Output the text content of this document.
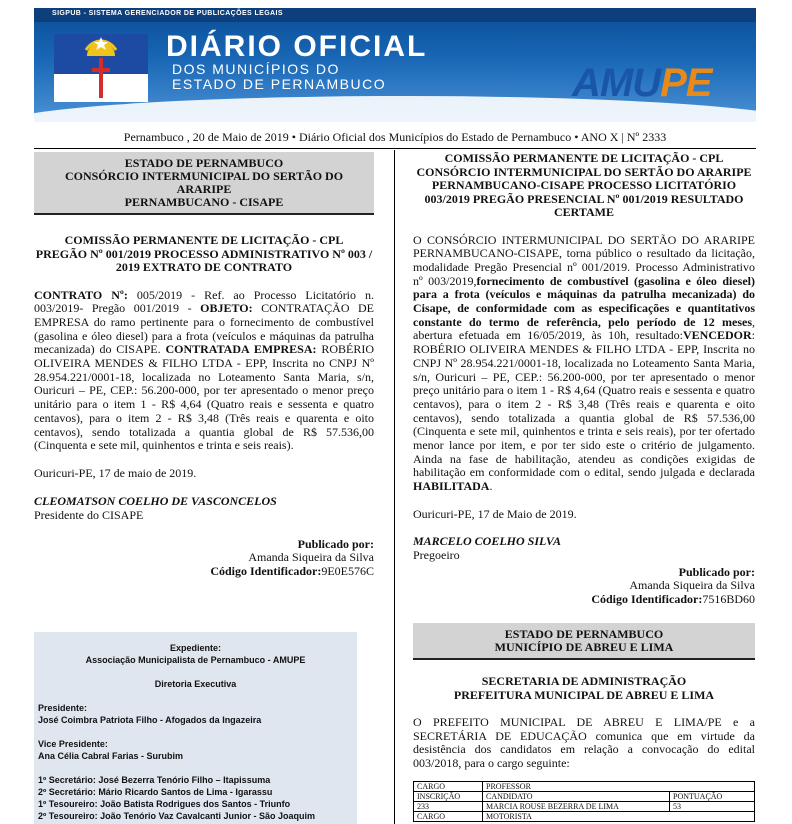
SIGPUB - SISTEMA GERENCIADOR DE PUBLICAÇÕES LEGAIS
DIÁRIO OFICIAL
DOS MUNICÍPIOS DO
ESTADO DE PERNAMBUCO	AMUPE
Pernambuco , 20 de Maio de 2019 • Diário Oficial dos Municípios do Estado de Pernambuco • ANO X | Nº 2333
ESTADO DE PERNAMBUCO
CONSÓRCIO INTERMUNICIPAL DO SERTÃO DO ARARIPE
PERNAMBUCANO - CISAPE
COMISSÃO PERMANENTE DE LICITAÇÃO - CPL
PREGÃO Nº 001/2019 PROCESSO ADMINISTRATIVO Nº 003 /
2019 EXTRATO DE CONTRATO

CONTRATO Nº: 005/2019 - Ref. ao Processo Licitatório n. 003/2019- Pregão 001/2019 - OBJETO: CONTRATAÇÃO DE EMPRESA do ramo pertinente para o fornecimento de combustível (gasolina e óleo diesel) para a frota (veículos e máquinas da patrulha mecanizada) do CISAPE. CONTRATADA EMPRESA: ROBÉRIO OLIVEIRA MENDES & FILHO LTDA - EPP, Inscrita no CNPJ Nº 28.954.221/0001-18, localizada no Loteamento Santa Maria, s/n, Ouricuri – PE, CEP.: 56.200-000, por ter apresentado o menor preço unitário para o item 1 - R$ 4,64 (Quatro reais e sessenta e quatro centavos), para o item 2 - R$ 3,48 (Três reais e quarenta e oito centavos), sendo totalizada a quantia global de R$ 57.536,00 (Cinquenta e sete mil, quinhentos e trinta e seis reais).

Ouricuri-PE, 17 de maio de 2019.

CLEOMATSON COELHO DE VASCONCELOS
Presidente do CISAPE
Publicado por:
Amanda Siqueira da Silva
Código Identificador:9E0E576C
Expediente:
Associação Municipalista de Pernambuco - AMUPE
Diretoria Executiva
Presidente:
José Coimbra Patriota Filho - Afogados da Ingazeira
Vice Presidente:
Ana Célia Cabral Farias - Surubim
1º Secretário: José Bezerra Tenório Filho – Itapissuma
2º Secretário: Mário Ricardo Santos de Lima - Igarassu
1º Tesoureiro: João Batista Rodrigues dos Santos - Triunfo
2º Tesoureiro: João Tenório Vaz Cavalcanti Junior - São Joaquim
COMISSÃO PERMANENTE DE LICITAÇÃO - CPL
CONSÓRCIO INTERMUNICIPAL DO SERTÃO DO ARARIPE
PERNAMBUCANO-CISAPE PROCESSO LICITATÓRIO
003/2019 PREGÃO PRESENCIAL Nº 001/2019 RESULTADO
CERTAME

O CONSÓRCIO INTERMUNICIPAL DO SERTÃO DO ARARIPE PERNAMBUCANO-CISAPE, torna público o resultado da licitação, modalidade Pregão Presencial nº 001/2019. Processo Administrativo nº 003/2019,fornecimento de combustível (gasolina e óleo diesel) para a frota (veículos e máquinas da patrulha mecanizada) do Cisape, de conformidade com as especificações e quantitativos constante do termo de referência, pelo período de 12 meses, abertura efetuada em 16/05/2019, às 10h, resultado:VENCEDOR: ROBÉRIO OLIVEIRA MENDES & FILHO LTDA - EPP, Inscrita no CNPJ Nº 28.954.221/0001-18, localizada no Loteamento Santa Maria, s/n, Ouricuri – PE, CEP.: 56.200-000, por ter apresentado o menor preço unitário para o item 1 - R$ 4,64 (Quatro reais e sessenta e quatro centavos), para o item 2 - R$ 3,48 (Três reais e quarenta e oito centavos), sendo totalizada a quantia global de R$ 57.536,00 (Cinquenta e sete mil, quinhentos e trinta e seis reais), por ter ofertado menor lance por item, e por ter sido este o critério de julgamento. Ainda na fase de habilitação, atendeu as condições exigidas de habilitação em conformidade com o edital, sendo julgada e declarada HABILITADA.

Ouricuri-PE, 17 de Maio de 2019.

MARCELO COELHO SILVA
Pregoeiro
Publicado por:
Amanda Siqueira da Silva
Código Identificador:7516BD60
ESTADO DE PERNAMBUCO
MUNICÍPIO DE ABREU E LIMA
SECRETARIA DE ADMINISTRAÇÃO
PREFEITURA MUNICIPAL DE ABREU E LIMA

O PREFEITO MUNICIPAL DE ABREU E LIMA/PE e a SECRETÁRIA DE EDUCAÇÃO comunica que em virtude da desistência dos candidatos em relação a convocação do edital 003/2018, para o cargo seguinte:

CARGO	PROFESSOR	
INSCRIÇÃO	CANDIDATO	PONTUAÇÃO
233	MARCIA ROUSE BEZERRA DE LIMA	53
CARGO	MOTORISTA	
